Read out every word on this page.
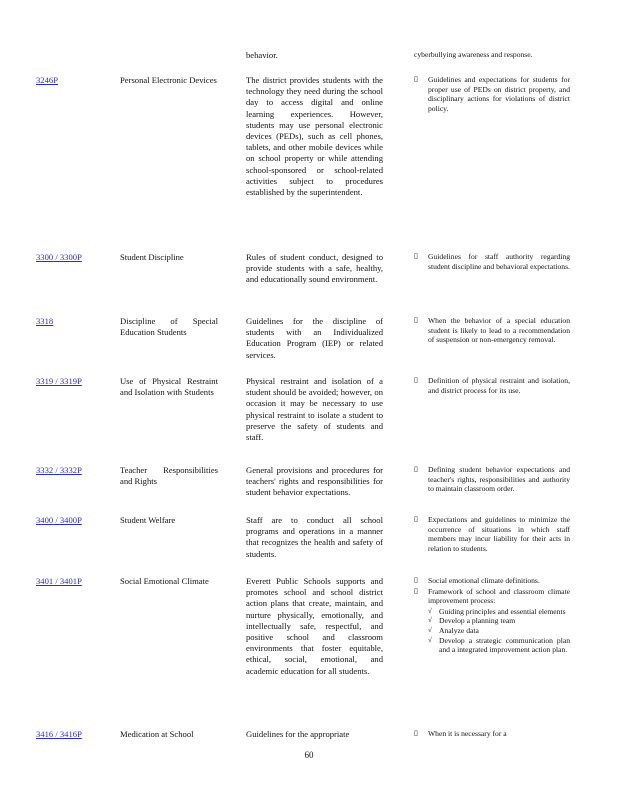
behavior.	cyberbullying awareness and response.
3246P	Personal Electronic Devices	The district provides students with the technology they need during the school day to access digital and online learning experiences. However, students may use personal electronic devices (PEDs), such as cell phones, tablets, and other mobile devices while on school property or while attending school-sponsored or school-related activities subject to procedures established by the superintendent.
▯ Guidelines and expectations for students for proper use of PEDs on district property, and disciplinary actions for violations of district policy.
3300 / 3300P	Student Discipline	Rules of student conduct, designed to provide students with a safe, healthy, and educationally sound environment.
▯ Guidelines for staff authority regarding student discipline and behavioral expectations.
3318	Discipline of Special Education Students
Guidelines for the discipline of students with an Individualized Education Program (IEP) or related services.
▯ When the behavior of a special education student is likely to lead to a recommendation of suspension or non-emergency removal.
3319 / 3319P	Use of Physical Restraint and Isolation with Students
Physical restraint and isolation of a student should be avoided; however, on occasion it may be necessary to use physical restraint to isolate a student to preserve the safety of students and staff.
▯ Definition of physical restraint and isolation, and district process for its use.
3332 / 3332P	Teacher Responsibilities and Rights
General provisions and procedures for teachers' rights and responsibilities for student behavior expectations.
▯ Defining student behavior expectations and teacher's rights, responsibilities and authority to maintain classroom order.
3400 / 3400P	Student Welfare	Staff are to conduct all school programs and operations in a manner that recognizes the health and safety of students.
▯ Expectations and guidelines to minimize the occurrence of situations in which staff members may incur liability for their acts in relation to students.
3401 / 3401P	Social Emotional Climate	Everett Public Schools supports and promotes school and school district action plans that create, maintain, and nurture physically, emotionally, and intellectually safe, respectful, and positive school and classroom environments that foster equitable, ethical, social, emotional, and academic education for all students.
▯ Social emotional climate definitions.
▯ Framework of school and classroom climate improvement process:
√ Guiding principles and essential elements
√ Develop a planning team
√ Analyze data
√ Develop a strategic communication plan and a integrated improvement action plan.
3416 / 3416P	Medication at School	Guidelines for the appropriate
▯	When it is necessary for a
60
